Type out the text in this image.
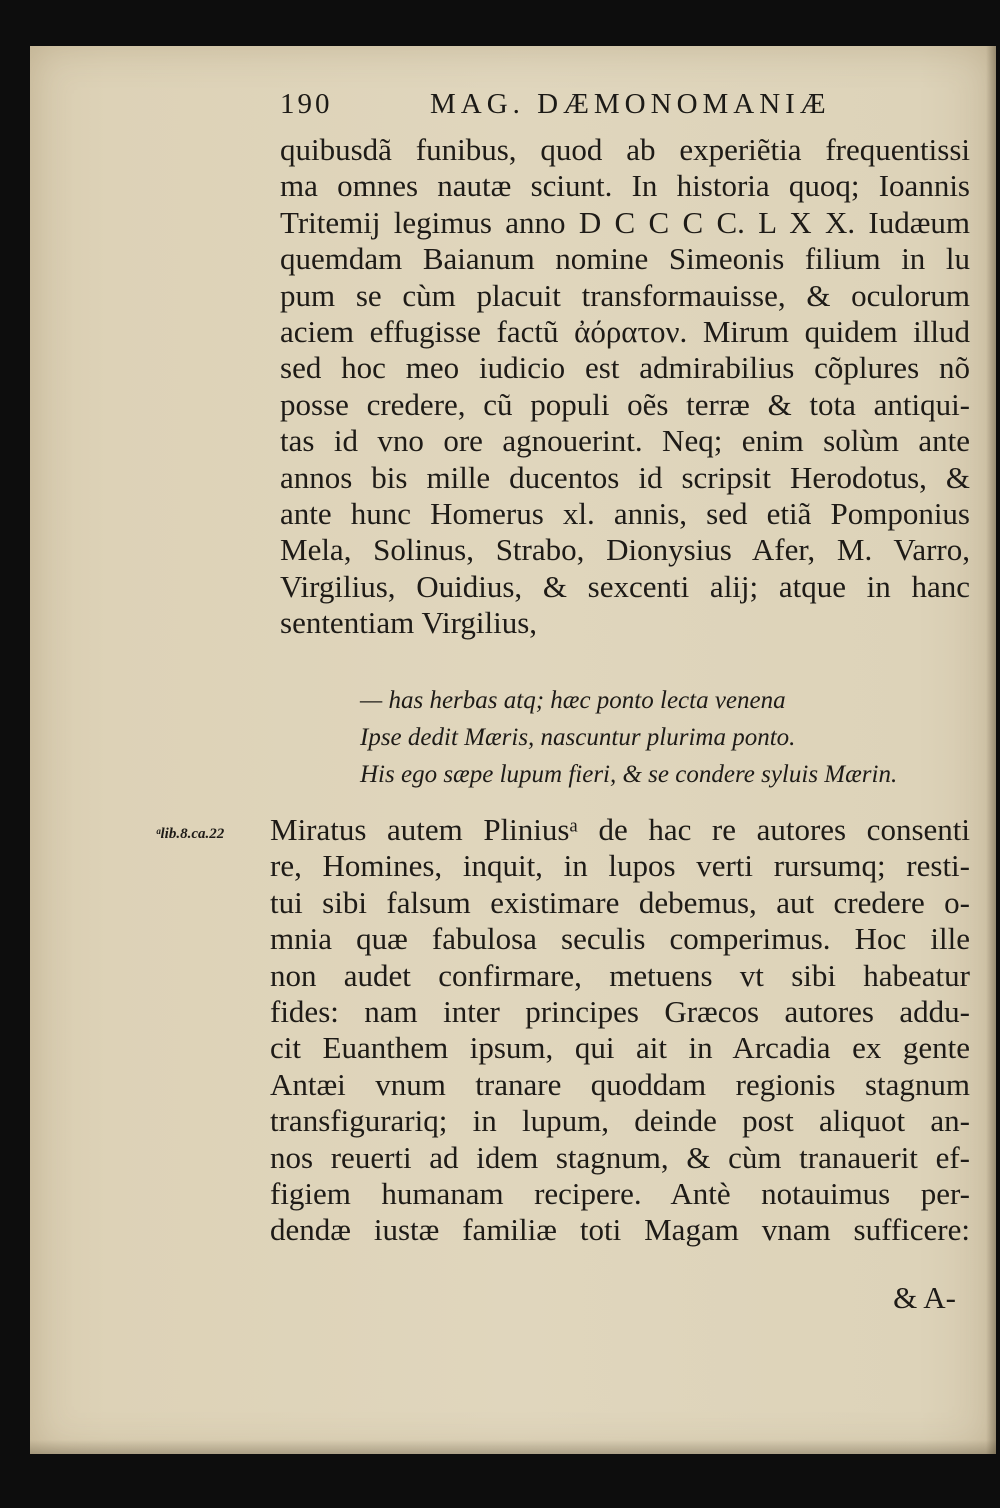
190	MAG. DÆMONOMANIÆ
quibusdã funibus, quod ab experiẽtia frequentissi
ma omnes nautæ sciunt. In historia quoq; Ioannis
Tritemij legimus anno D C C C C. L X X. Iudæum
quemdam Baianum nomine Simeonis filium in lu
pum se cùm placuit transformauisse, & oculorum
aciem effugisse factũ ἀόρατον. Mirum quidem illud
sed hoc meo iudicio est admirabilius cõplures nõ
posse credere, cũ populi oẽs terræ & tota antiqui-
tas id vno ore agnouerint. Neq; enim solùm ante
annos bis mille ducentos id scripsit Herodotus, &
ante hunc Homerus xl. annis, sed etiã Pomponius
Mela, Solinus, Strabo, Dionysius Afer, M. Varro,
Virgilius, Ouidius, & sexcenti alij; atque in hanc
sententiam Virgilius,
— has herbas atq; hæc ponto lecta venena
Ipse dedit Mæris, nascuntur plurima ponto.
His ego sæpe lupum fieri, & se condere syluis Mærin.
ᵃlib.8.ca.22 Miratus autem Pliniusᵃ de hac re autores consenti
re, Homines, inquit, in lupos verti rursumq; resti-
tui sibi falsum existimare debemus, aut credere o-
mnia quæ fabulosa seculis comperimus. Hoc ille
non audet confirmare, metuens vt sibi habeatur
fides: nam inter principes Græcos autores addu-
cit Euanthem ipsum, qui ait in Arcadia ex gente
Antæi vnum tranare quoddam regionis stagnum
transfigurariq; in lupum, deinde post aliquot an-
nos reuerti ad idem stagnum, & cùm tranauerit ef-
figiem humanam recipere. Antè notauimus per-
dendæ iustæ familiæ toti Magam vnam sufficere:
& A-
